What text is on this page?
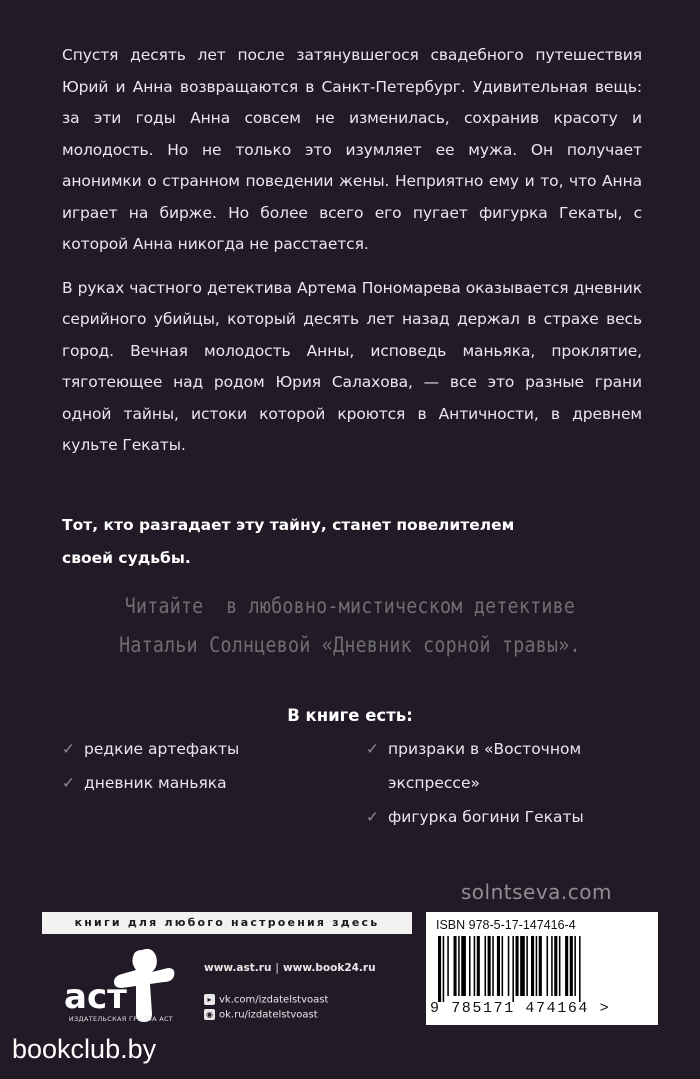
Спустя десять лет после затянувшегося свадебного путешествия Юрий и Анна возвращаются в Санкт-Петербург. Удивительная вещь: за эти годы Анна совсем не изменилась, сохранив красоту и молодость. Но не только это изумляет ее мужа. Он получает анонимки о странном поведении жены. Неприятно ему и то, что Анна играет на бирже. Но более всего его пугает фигурка Гекаты, с которой Анна никогда не расстается.

В руках частного детектива Артема Пономарева оказывается дневник серийного убийцы, который десять лет назад держал в страхе весь город. Вечная молодость Анны, исповедь маньяка, проклятие, тяготеющее над родом Юрия Салахова, — все это разные грани одной тайны, истоки которой кроются в Античности, в древнем культе Гекаты.

Тот, кто разгадает эту тайну, станет повелителем
своей судьбы.
Читайте  в любовно-мистическом детективе
Натальи Солнцевой «Дневник сорной травы».
В книге есть:
✓ редкие артефакты
✓ дневник маньяка
✓ призраки в «Восточном
экспрессе»
✓ фигурка богини Гекаты
solntseva.com
книги для любого настроения здесь
аст
ИЗДАТЕЛЬСКАЯ ГРУППА АСТ
www.ast.ru | www.book24.ru
▸ vk.com/izdatelstvoast
◉ ok.ru/izdatelstvoast
ISBN 978-5-17-147416-4
9 785171 474164 >
bookclub.by
